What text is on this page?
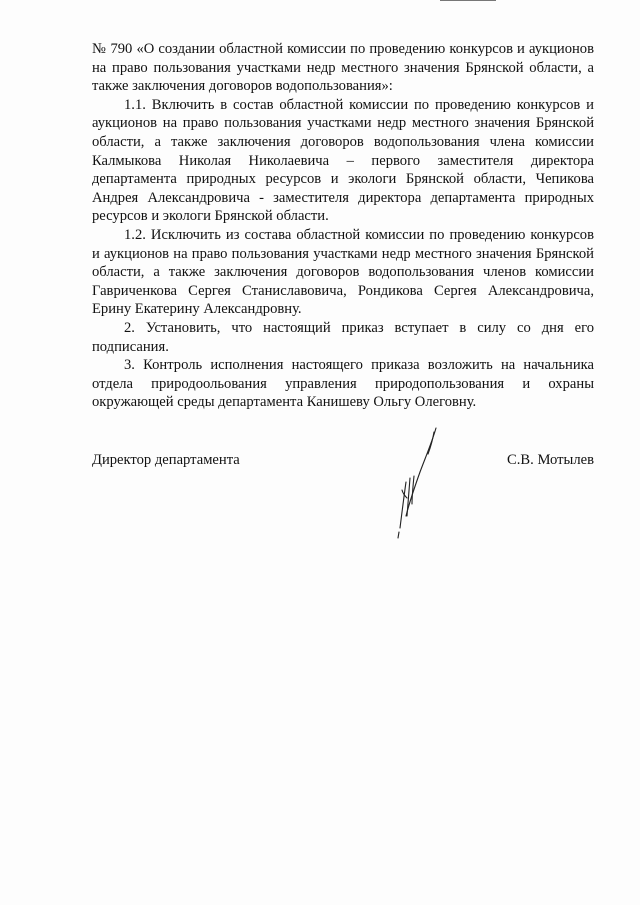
№ 790 «О создании областной комиссии по проведению конкурсов и аукционов на право пользования участками недр местного значения Брянской области, а также заключения договоров водопользования»:

1.1. Включить в состав областной комиссии по проведению конкурсов и аукционов на право пользования участками недр местного значения Брянской области, а также заключения договоров водопользования члена комиссии Калмыкова Николая Николаевича – первого заместителя директора департамента природных ресурсов и экологи Брянской области, Чепикова Андрея Александровича - заместителя директора департамента природных ресурсов и экологи Брянской области.

1.2. Исключить из состава областной комиссии по проведению конкурсов и аукционов на право пользования участками недр местного значения Брянской области, а также заключения договоров водопользования членов комиссии Гавриченкова Сергея Станиславовича, Рондикова Сергея Александровича, Ерину Екатерину Александровну.

2. Установить, что настоящий приказ вступает в силу со дня его подписания.

3. Контроль исполнения настоящего приказа возложить на начальника отдела природоольования управления природопользования и охраны окружающей среды департамента Канишеву Ольгу Олеговну.

Директор департамента	С.В. Мотылев
